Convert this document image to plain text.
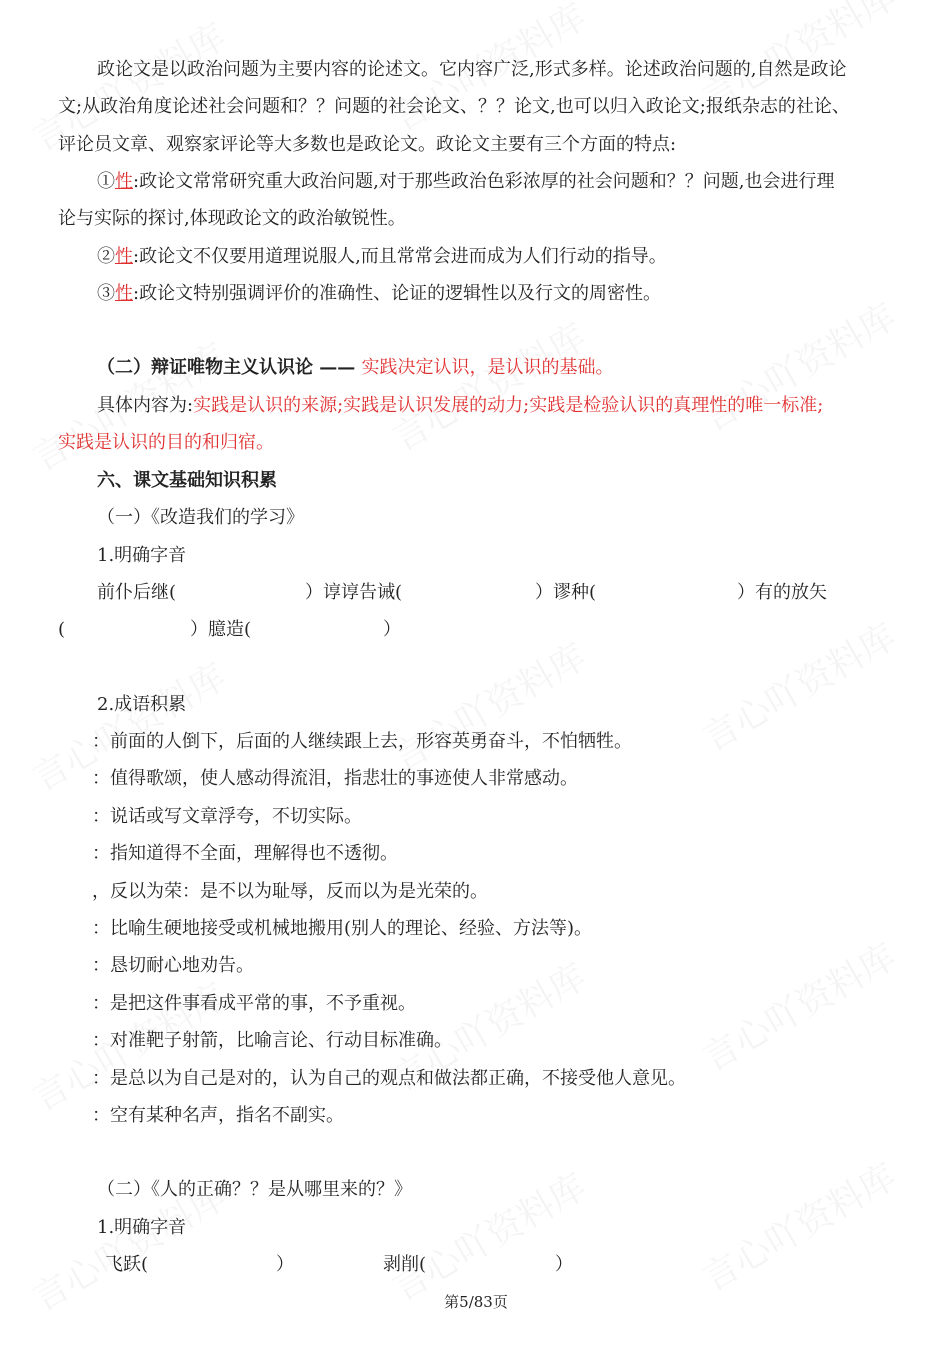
政论文是以政治问题为主要内容的论述文。它内容广泛,形式多样。论述政治问题的,自然是政论
文;从政治角度论述社会问题和？？问题的社会论文、？？论文,也可以归入政论文;报纸杂志的社论、
评论员文章、观察家评论等大多数也是政论文。政论文主要有三个方面的特点:
①性:政论文常常研究重大政治问题,对于那些政治色彩浓厚的社会问题和？？问题,也会进行理
论与实际的探讨,体现政论文的政治敏锐性。
②性:政论文不仅要用道理说服人,而且常常会进而成为人们行动的指导。
③性:政论文特别强调评价的准确性、论证的逻辑性以及行文的周密性。
（二）辩证唯物主义认识论 —— 实践决定认识，是认识的基础。
具体内容为:实践是认识的来源;实践是认识发展的动力;实践是检验认识的真理性的唯一标准;
实践是认识的目的和归宿。
六、课文基础知识积累
（一）《改造我们的学习》
1.明确字音
前仆后继(	）谆谆告诫(	）谬种(	）有的放矢
(	）臆造(	）
2.成语积累
：前面的人倒下，后面的人继续跟上去，形容英勇奋斗，不怕牺牲。
：值得歌颂，使人感动得流泪，指悲壮的事迹使人非常感动。
：说话或写文章浮夸，不切实际。
：指知道得不全面，理解得也不透彻。
，反以为荣：是不以为耻辱，反而以为是光荣的。
：比喻生硬地接受或机械地搬用(别人的理论、经验、方法等)。
：恳切耐心地劝告。
：是把这件事看成平常的事，不予重视。
：对准靶子射箭，比喻言论、行动目标准确。
：是总以为自己是对的，认为自己的观点和做法都正确，不接受他人意见。
：空有某种名声，指名不副实。
（二）《人的正确？？是从哪里来的？》
1.明确字音
飞跃(	）	剥削(	）
第5/83页
